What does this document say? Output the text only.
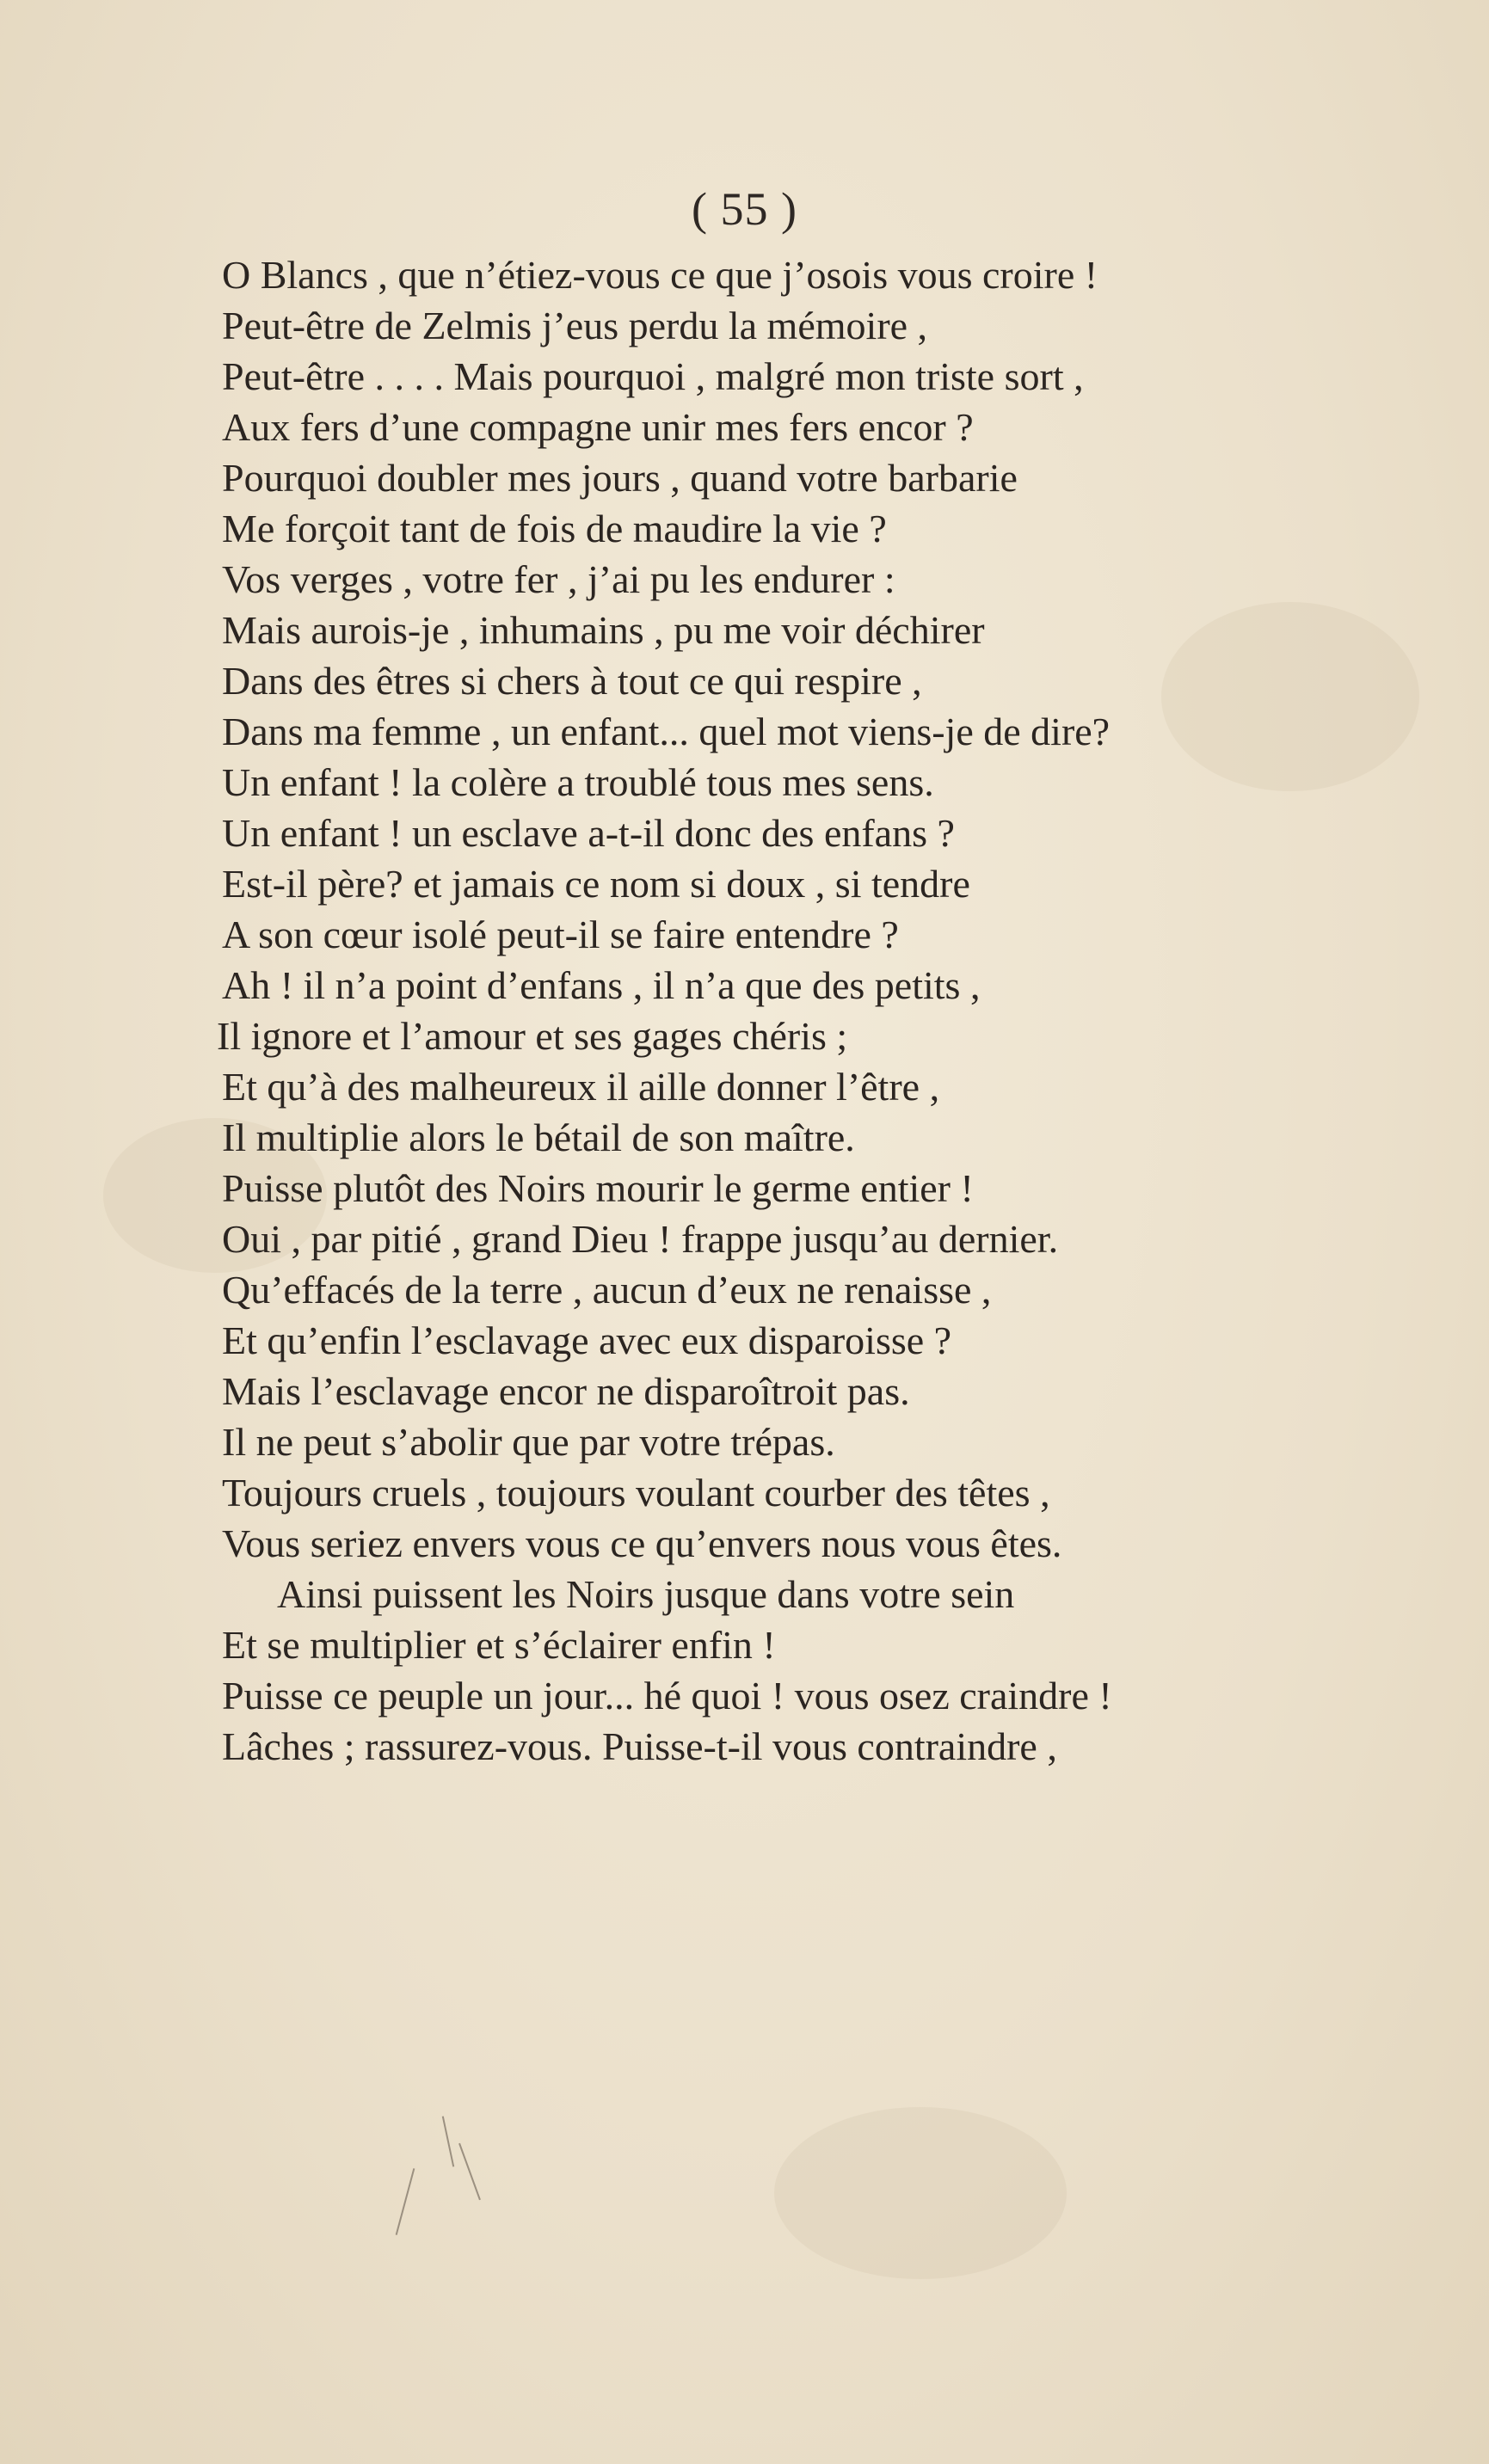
( 55 )
O Blancs , que n’étiez-vous ce que j’osois vous croire !
Peut-être de Zelmis j’eus perdu la mémoire ,
Peut-être . . . . Mais pourquoi , malgré mon triste sort ,
Aux fers d’une compagne unir mes fers encor ?
Pourquoi doubler mes jours , quand votre barbarie
Me forçoit tant de fois de maudire la vie ?
Vos verges , votre fer , j’ai pu les endurer :
Mais aurois-je , inhumains , pu me voir déchirer
Dans des êtres si chers à tout ce qui respire ,
Dans ma femme , un enfant... quel mot viens-je de dire?
Un enfant ! la colère a troublé tous mes sens.
Un enfant ! un esclave a-t-il donc des enfans ?
Est-il père? et jamais ce nom si doux , si tendre
A son cœur isolé peut-il se faire entendre ?
Ah ! il n’a point d’enfans , il n’a que des petits ,
Il ignore et l’amour et ses gages chéris ;
Et qu’à des malheureux il aille donner l’être ,
Il multiplie alors le bétail de son maître.
Puisse plutôt des Noirs mourir le germe entier !
Oui , par pitié , grand Dieu ! frappe jusqu’au dernier.
Qu’effacés de la terre , aucun d’eux ne renaisse ,
Et qu’enfin l’esclavage avec eux disparoisse ?
Mais l’esclavage encor ne disparoîtroit pas.
Il ne peut s’abolir que par votre trépas.
Toujours cruels , toujours voulant courber des têtes ,
Vous seriez envers vous ce qu’envers nous vous êtes.
Ainsi puissent les Noirs jusque dans votre sein
Et se multiplier et s’éclairer enfin !
Puisse ce peuple un jour... hé quoi ! vous osez craindre !
Lâches ; rassurez-vous. Puisse-t-il vous contraindre ,
